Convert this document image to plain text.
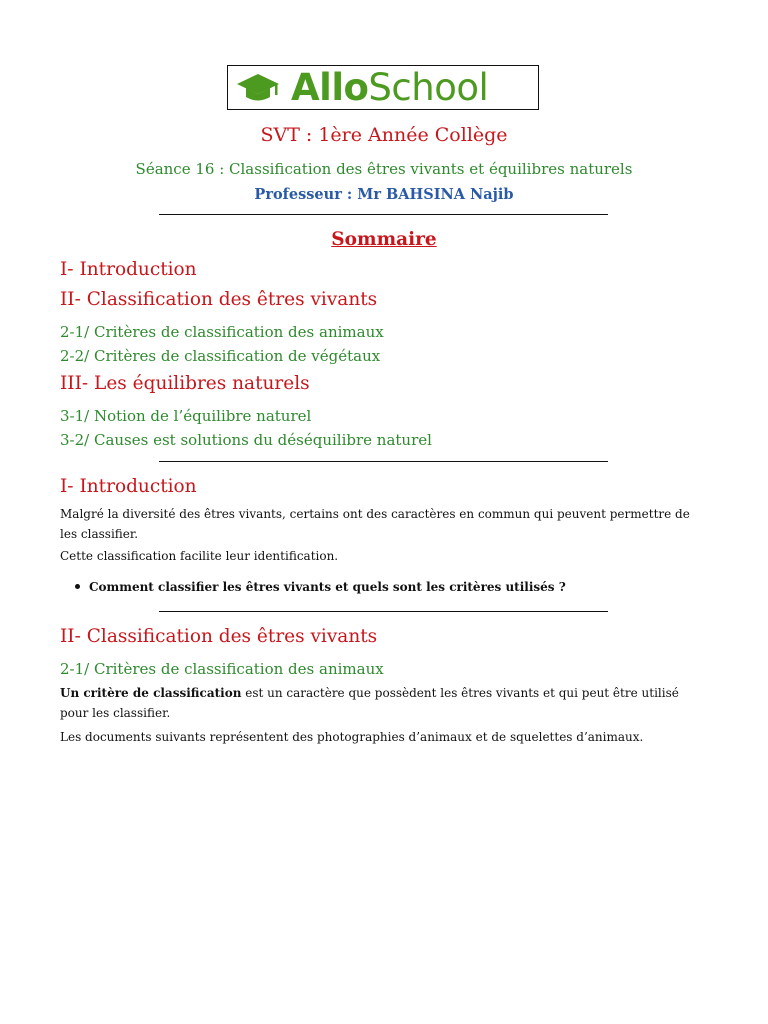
AlloSchool
SVT : 1ère Année Collège
Séance 16 : Classification des êtres vivants et équilibres naturels
Professeur : Mr BAHSINA Najib
Sommaire
I- Introduction
II- Classification des êtres vivants
2-1/ Critères de classification des animaux
2-2/ Critères de classification de végétaux
III- Les équilibres naturels
3-1/ Notion de l’équilibre naturel
3-2/ Causes est solutions du déséquilibre naturel
I- Introduction
Malgré la diversité des êtres vivants, certains ont des caractères en commun qui peuvent permettre de
les classifier.
Cette classification facilite leur identification.
Comment classifier les êtres vivants et quels sont les critères utilisés ?
II- Classification des êtres vivants
2-1/ Critères de classification des animaux
Un critère de classification est un caractère que possèdent les êtres vivants et qui peut être utilisé
pour les classifier.
Les documents suivants représentent des photographies d’animaux et de squelettes d’animaux.
